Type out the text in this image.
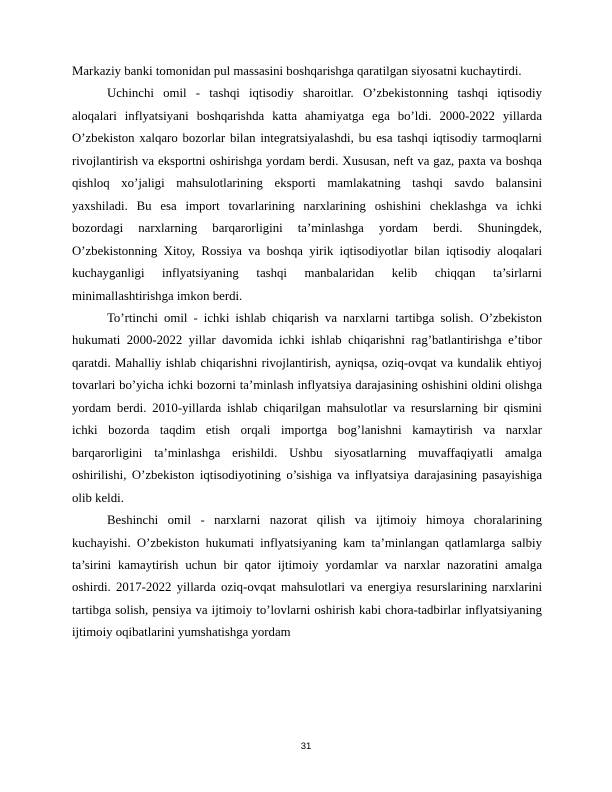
Markaziy banki tomonidan pul massasini boshqarishga qaratilgan siyosatni kuchaytirdi.

Uchinchi omil - tashqi iqtisodiy sharoitlar. O’zbekistonning tashqi iqtisodiy aloqalari inflyatsiyani boshqarishda katta ahamiyatga ega bo’ldi. 2000-2022 yillarda O’zbekiston xalqaro bozorlar bilan integratsiyalashdi, bu esa tashqi iqtisodiy tarmoqlarni rivojlantirish va eksportni oshirishga yordam berdi. Xususan, neft va gaz, paxta va boshqa qishloq xo’jaligi mahsulotlarining eksporti mamlakatning tashqi savdo balansini yaxshiladi. Bu esa import tovarlarining narxlarining oshishini cheklashga va ichki bozordagi narxlarning barqarorligini ta’minlashga yordam berdi. Shuningdek, O’zbekistonning Xitoy, Rossiya va boshqa yirik iqtisodiyotlar bilan iqtisodiy aloqalari kuchayganligi inflyatsiyaning tashqi manbalaridan kelib chiqqan ta’sirlarni minimallashtirishga imkon berdi.

To’rtinchi omil - ichki ishlab chiqarish va narxlarni tartibga solish. O’zbekiston hukumati 2000-2022 yillar davomida ichki ishlab chiqarishni rag’batlantirishga e’tibor qaratdi. Mahalliy ishlab chiqarishni rivojlantirish, ayniqsa, oziq-ovqat va kundalik ehtiyoj tovarlari bo’yicha ichki bozorni ta’minlash inflyatsiya darajasining oshishini oldini olishga yordam berdi. 2010-yillarda ishlab chiqarilgan mahsulotlar va resurslarning bir qismini ichki bozorda taqdim etish orqali importga bog’lanishni kamaytirish va narxlar barqarorligini ta’minlashga erishildi. Ushbu siyosatlarning muvaffaqiyatli amalga oshirilishi, O’zbekiston iqtisodiyotining o’sishiga va inflyatsiya darajasining pasayishiga olib keldi.

Beshinchi omil - narxlarni nazorat qilish va ijtimoiy himoya choralarining kuchayishi. O’zbekiston hukumati inflyatsiyaning kam ta’minlangan qatlamlarga salbiy ta’sirini kamaytirish uchun bir qator ijtimoiy yordamlar va narxlar nazoratini amalga oshirdi. 2017-2022 yillarda oziq-ovqat mahsulotlari va energiya resurslarining narxlarini tartibga solish, pensiya va ijtimoiy to’lovlarni oshirish kabi chora-tadbirlar inflyatsiyaning ijtimoiy oqibatlarini yumshatishga yordam

31
